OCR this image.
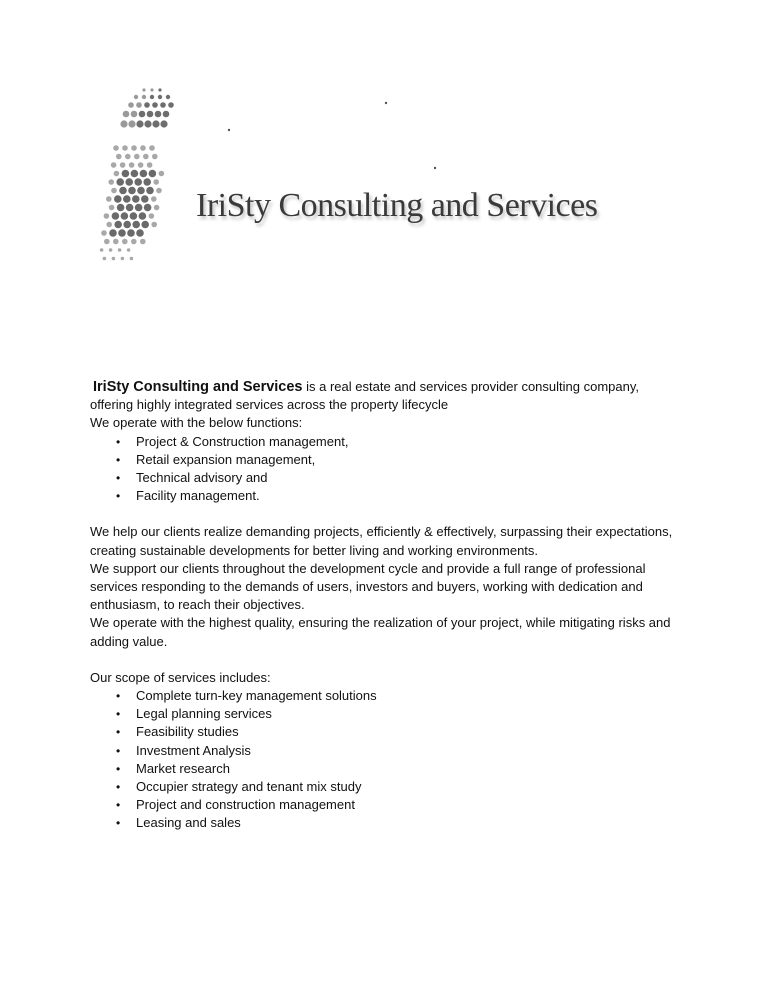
IriSty Consulting and Services

IriSty Consulting and Services is a real estate and services provider consulting company,

offering highly integrated services across the property lifecycle

We operate with the below functions:

• Project & Construction management,
• Retail expansion management,
• Technical advisory and
• Facility management.

We help our clients realize demanding projects, efficiently & effectively, surpassing their expectations, creating sustainable developments for better living and working environments.

We support our clients throughout the development cycle and provide a full range of professional services responding to the demands of users, investors and buyers, working with dedication and enthusiasm, to reach their objectives.

We operate with the highest quality, ensuring the realization of your project, while mitigating risks and adding value.

Our scope of services includes:

• Complete turn-key management solutions
• Legal planning services
• Feasibility studies
• Investment Analysis
• Market research
• Occupier strategy and tenant mix study
• Project and construction management
• Leasing and sales
